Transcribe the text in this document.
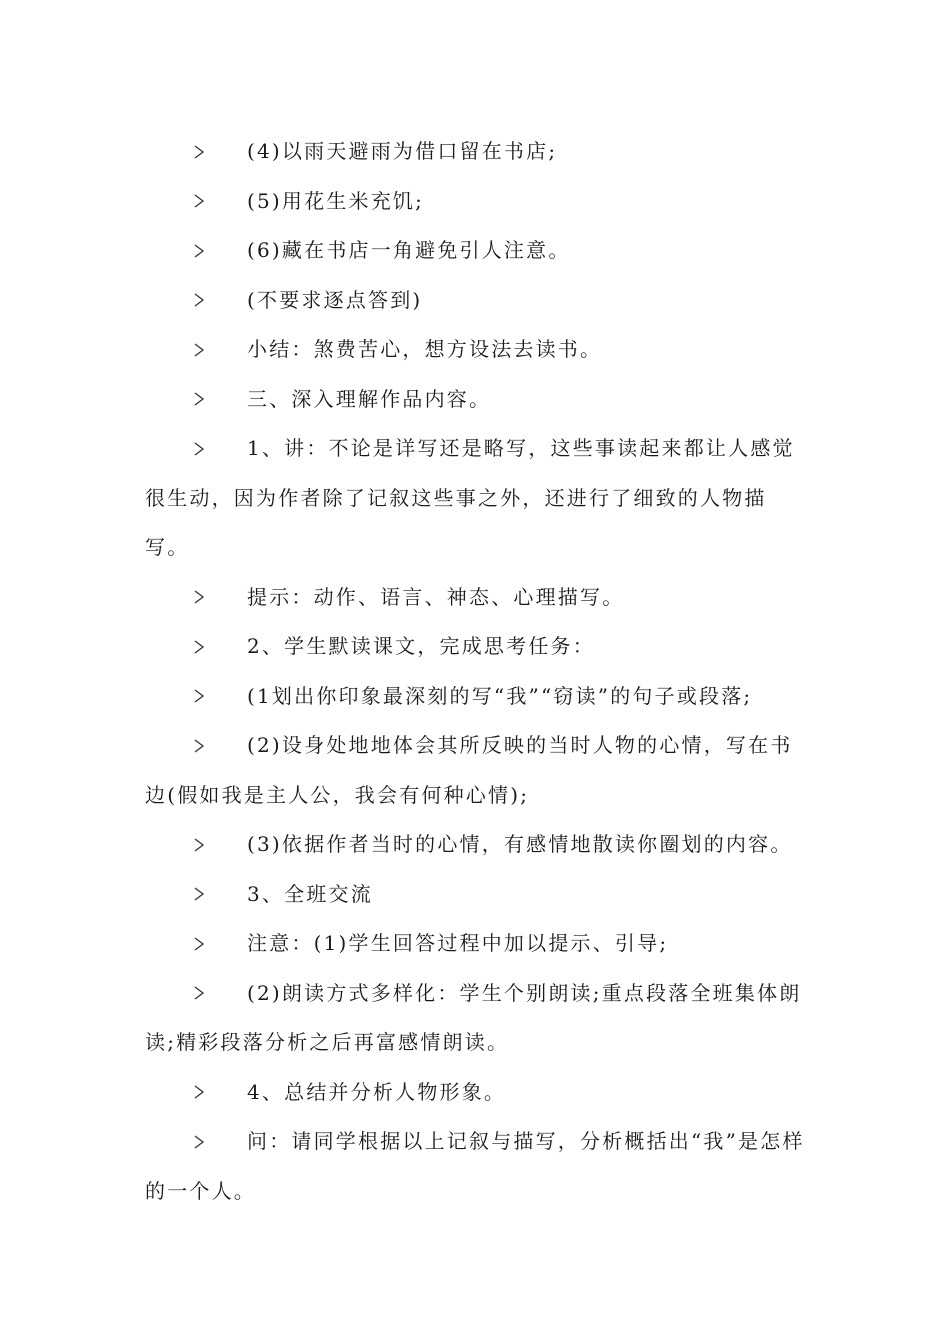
(4)以雨天避雨为借口留在书店;

(5)用花生米充饥;

(6)藏在书店一角避免引人注意。

(不要求逐点答到)

小结：煞费苦心，想方设法去读书。

三、深入理解作品内容。

1、讲：不论是详写还是略写，这些事读起来都让人感觉很生动，因为作者除了记叙这些事之外，还进行了细致的人物描写。

提示：动作、语言、神态、心理描写。

2、学生默读课文，完成思考任务：

(1划出你印象最深刻的写“我”“窃读”的句子或段落;

(2)设身处地地体会其所反映的当时人物的心情，写在书边(假如我是主人公，我会有何种心情);

(3)依据作者当时的心情，有感情地散读你圈划的内容。

3、全班交流

注意：(1)学生回答过程中加以提示、引导;

(2)朗读方式多样化：学生个别朗读;重点段落全班集体朗读;精彩段落分析之后再富感情朗读。

4、总结并分析人物形象。

问：请同学根据以上记叙与描写，分析概括出“我”是怎样的一个人。
